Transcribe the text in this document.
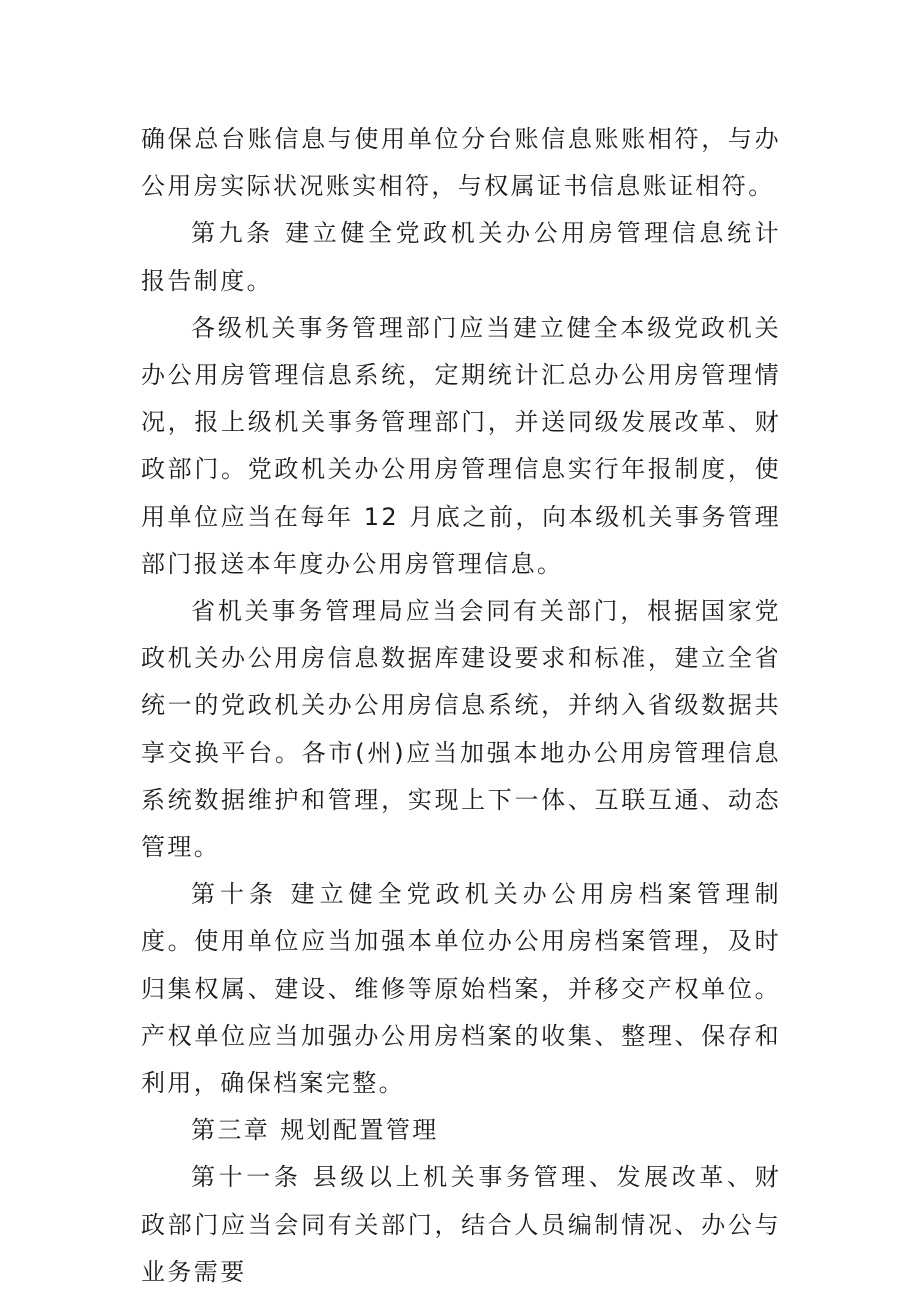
确保总台账信息与使用单位分台账信息账账相符，与办公用房实际状况账实相符，与权属证书信息账证相符。

第九条 建立健全党政机关办公用房管理信息统计报告制度。

各级机关事务管理部门应当建立健全本级党政机关办公用房管理信息系统，定期统计汇总办公用房管理情况，报上级机关事务管理部门，并送同级发展改革、财政部门。党政机关办公用房管理信息实行年报制度，使用单位应当在每年 12 月底之前，向本级机关事务管理部门报送本年度办公用房管理信息。

省机关事务管理局应当会同有关部门，根据国家党政机关办公用房信息数据库建设要求和标准，建立全省统一的党政机关办公用房信息系统，并纳入省级数据共享交换平台。各市(州)应当加强本地办公用房管理信息系统数据维护和管理，实现上下一体、互联互通、动态管理。

第十条 建立健全党政机关办公用房档案管理制度。使用单位应当加强本单位办公用房档案管理，及时归集权属、建设、维修等原始档案，并移交产权单位。产权单位应当加强办公用房档案的收集、整理、保存和利用，确保档案完整。

第三章 规划配置管理

第十一条 县级以上机关事务管理、发展改革、财政部门应当会同有关部门，结合人员编制情况、办公与业务需要
